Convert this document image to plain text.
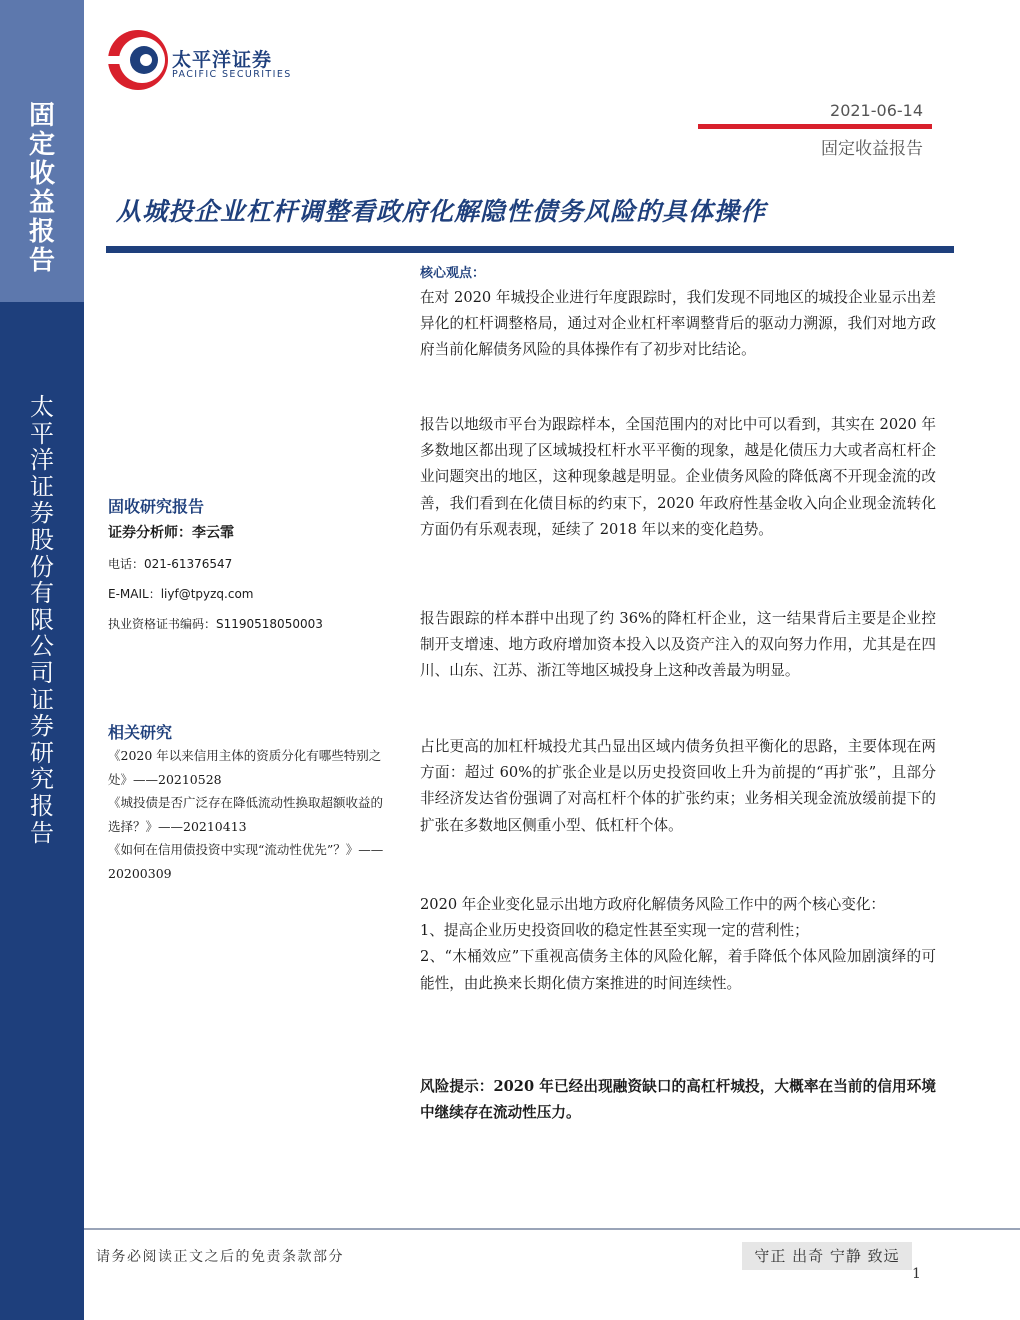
固
定
收
益
报
告
太
平
洋
证
券
股
份
有
限
公
司
证
券
研
究
报
告
太平洋证券
PACIFIC SECURITIES
2021-06-14
固定收益报告
从城投企业杠杆调整看政府化解隐性债务风险的具体操作
固收研究报告
证券分析师：李云霏
电话：021-61376547
E-MAIL：liyf@tpyzq.com
执业资格证书编码：S1190518050003
相关研究
《2020 年以来信用主体的资质分化有哪些特别之处》——20210528
《城投债是否广泛存在降低流动性换取超额收益的选择？》——20210413
《如何在信用债投资中实现“流动性优先”？》——20200309
核心观点：

在对 2020 年城投企业进行年度跟踪时，我们发现不同地区的城投企业显示出差异化的杠杆调整格局，通过对企业杠杆率调整背后的驱动力溯源，我们对地方政府当前化解债务风险的具体操作有了初步对比结论。

报告以地级市平台为跟踪样本，全国范围内的对比中可以看到，其实在 2020 年多数地区都出现了区域城投杠杆水平平衡的现象，越是化债压力大或者高杠杆企业问题突出的地区，这种现象越是明显。企业债务风险的降低离不开现金流的改善，我们看到在化债目标的约束下，2020 年政府性基金收入向企业现金流转化方面仍有乐观表现，延续了 2018 年以来的变化趋势。

报告跟踪的样本群中出现了约 36%的降杠杆企业，这一结果背后主要是企业控制开支增速、地方政府增加资本投入以及资产注入的双向努力作用，尤其是在四川、山东、江苏、浙江等地区城投身上这种改善最为明显。

占比更高的加杠杆城投尤其凸显出区域内债务负担平衡化的思路，主要体现在两方面：超过 60%的扩张企业是以历史投资回收上升为前提的“再扩张”，且部分非经济发达省份强调了对高杠杆个体的扩张约束；业务相关现金流放缓前提下的扩张在多数地区侧重小型、低杠杆个体。

2020 年企业变化显示出地方政府化解债务风险工作中的两个核心变化：

1、提高企业历史投资回收的稳定性甚至实现一定的营利性；

2、“木桶效应”下重视高债务主体的风险化解，着手降低个体风险加剧演绎的可能性，由此换来长期化债方案推进的时间连续性。

风险提示：2020 年已经出现融资缺口的高杠杆城投，大概率在当前的信用环境中继续存在流动性压力。

请务必阅读正文之后的免责条款部分	守正 出奇 宁静 致远
1
